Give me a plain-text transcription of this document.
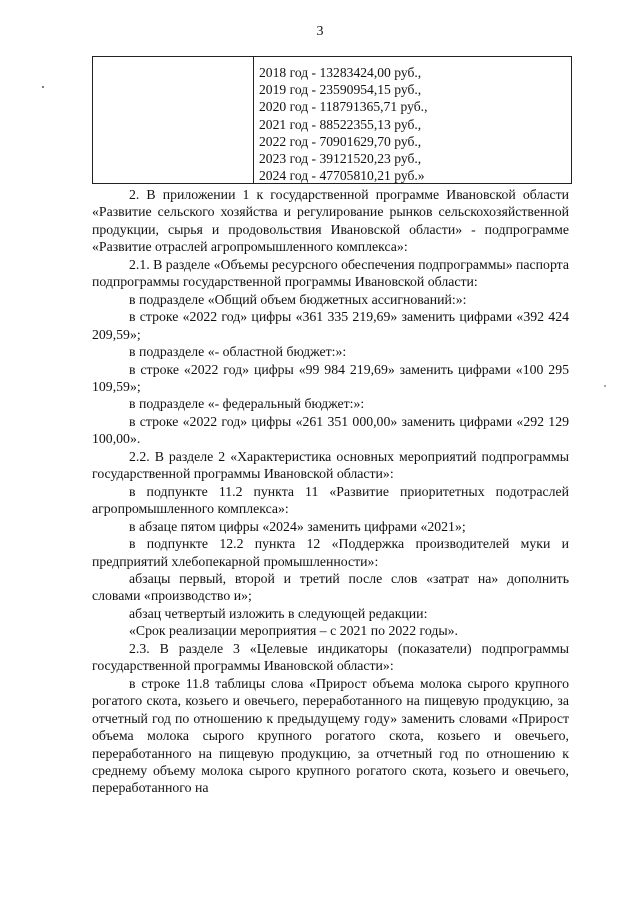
3
2018 год - 13283424,00 руб.,
2019 год - 23590954,15 руб.,
2020 год - 118791365,71 руб.,
2021 год - 88522355,13 руб.,
2022 год - 70901629,70 руб.,
2023 год - 39121520,23 руб.,
2024 год - 47705810,21 руб.»
2. В приложении 1 к государственной программе Ивановской области «Развитие сельского хозяйства и регулирование рынков сельскохозяйственной продукции, сырья и продовольствия Ивановской области» - подпрограмме «Развитие отраслей агропромышленного комплекса»:
2.1. В разделе «Объемы ресурсного обеспечения подпрограммы» паспорта подпрограммы государственной программы Ивановской области:
в подразделе «Общий объем бюджетных ассигнований:»:
в строке «2022 год» цифры «361 335 219,69» заменить цифрами «392 424 209,59»;
в подразделе «- областной бюджет:»:
в строке «2022 год» цифры «99 984 219,69» заменить цифрами «100 295 109,59»;
в подразделе «- федеральный бюджет:»:
в строке «2022 год» цифры «261 351 000,00» заменить цифрами «292 129 100,00».
2.2. В разделе 2 «Характеристика основных мероприятий подпрограммы государственной программы Ивановской области»:
в подпункте 11.2 пункта 11 «Развитие приоритетных подотраслей агропромышленного комплекса»:
в абзаце пятом цифры «2024» заменить цифрами «2021»;
в подпункте 12.2 пункта 12 «Поддержка производителей муки и предприятий хлебопекарной промышленности»:
абзацы первый, второй и третий после слов «затрат на» дополнить словами «производство и»;
абзац четвертый изложить в следующей редакции:
«Срок реализации мероприятия – с 2021 по 2022 годы».
2.3. В разделе 3 «Целевые индикаторы (показатели) подпрограммы государственной программы Ивановской области»:
в строке 11.8 таблицы слова «Прирост объема молока сырого крупного рогатого скота, козьего и овечьего, переработанного на пищевую продукцию, за отчетный год по отношению к предыдущему году» заменить словами «Прирост объема молока сырого крупного рогатого скота, козьего и овечьего, переработанного на пищевую продукцию, за отчетный год по отношению к среднему объему молока сырого крупного рогатого скота, козьего и овечьего, переработанного на
